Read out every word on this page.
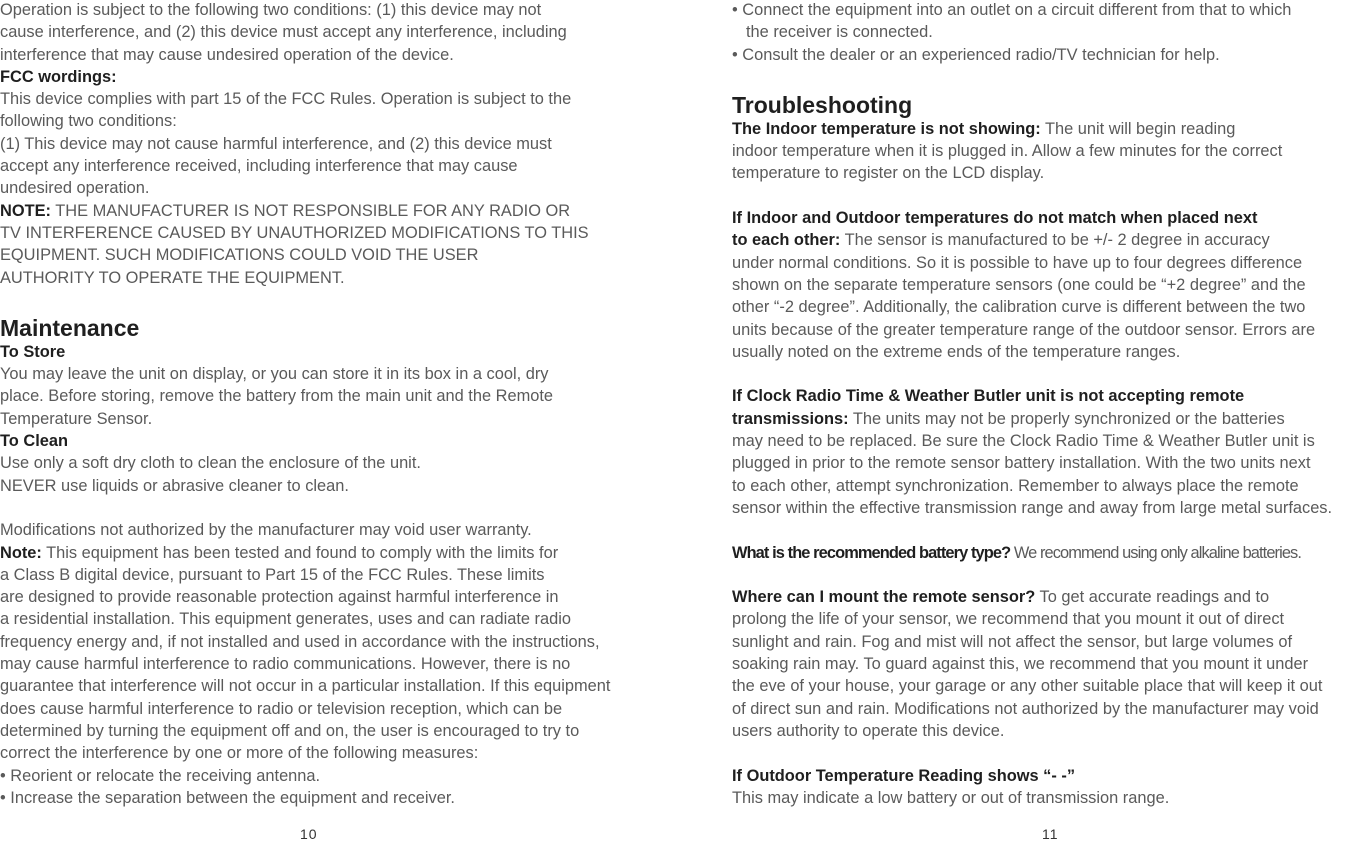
Operation is subject to the following two conditions: (1) this device may not
cause interference, and (2) this device must accept any interference, including
interference that may cause undesired operation of the device.
FCC wordings:
This device complies with part 15 of the FCC Rules. Operation is subject to the
following two conditions:
(1) This device may not cause harmful interference, and (2) this device must
accept any interference received, including interference that may cause
undesired operation.
NOTE: THE MANUFACTURER IS NOT RESPONSIBLE FOR ANY RADIO OR
TV INTERFERENCE CAUSED BY UNAUTHORIZED MODIFICATIONS TO THIS
EQUIPMENT. SUCH MODIFICATIONS COULD VOID THE USER
AUTHORITY TO OPERATE THE EQUIPMENT.
Maintenance
To Store
You may leave the unit on display, or you can store it in its box in a cool, dry
place. Before storing, remove the battery from the main unit and the Remote
Temperature Sensor.
To Clean
Use only a soft dry cloth to clean the enclosure of the unit.
NEVER use liquids or abrasive cleaner to clean.
Modifications not authorized by the manufacturer may void user warranty.
Note: This equipment has been tested and found to comply with the limits for
a Class B digital device, pursuant to Part 15 of the FCC Rules. These limits
are designed to provide reasonable protection against harmful interference in
a residential installation. This equipment generates, uses and can radiate radio
frequency energy and, if not installed and used in accordance with the instructions,
may cause harmful interference to radio communications. However, there is no
guarantee that interference will not occur in a particular installation. If this equipment
does cause harmful interference to radio or television reception, which can be
determined by turning the equipment off and on, the user is encouraged to try to
correct the interference by one or more of the following measures:
• Reorient or relocate the receiving antenna.
• Increase the separation between the equipment and receiver.
10
• Connect the equipment into an outlet on a circuit different from that to which
the receiver is connected.
• Consult the dealer or an experienced radio/TV technician for help.
Troubleshooting
The Indoor temperature is not showing: The unit will begin reading
indoor temperature when it is plugged in. Allow a few minutes for the correct
temperature to register on the LCD display.
If Indoor and Outdoor temperatures do not match when placed next
to each other: The sensor is manufactured to be +/- 2 degree in accuracy
under normal conditions. So it is possible to have up to four degrees difference
shown on the separate temperature sensors (one could be “+2 degree” and the
other “-2 degree”. Additionally, the calibration curve is different between the two
units because of the greater temperature range of the outdoor sensor. Errors are
usually noted on the extreme ends of the temperature ranges.
If Clock Radio Time & Weather Butler unit is not accepting remote
transmissions: The units may not be properly synchronized or the batteries
may need to be replaced. Be sure the Clock Radio Time & Weather Butler unit is
plugged in prior to the remote sensor battery installation. With the two units next
to each other, attempt synchronization. Remember to always place the remote
sensor within the effective transmission range and away from large metal surfaces.
What is the recommended battery type? We recommend using only alkaline batteries.
Where can I mount the remote sensor? To get accurate readings and to
prolong the life of your sensor, we recommend that you mount it out of direct
sunlight and rain. Fog and mist will not affect the sensor, but large volumes of
soaking rain may. To guard against this, we recommend that you mount it under
the eve of your house, your garage or any other suitable place that will keep it out
of direct sun and rain. Modifications not authorized by the manufacturer may void
users authority to operate this device.
If Outdoor Temperature Reading shows “- -”
This may indicate a low battery or out of transmission range.
11
